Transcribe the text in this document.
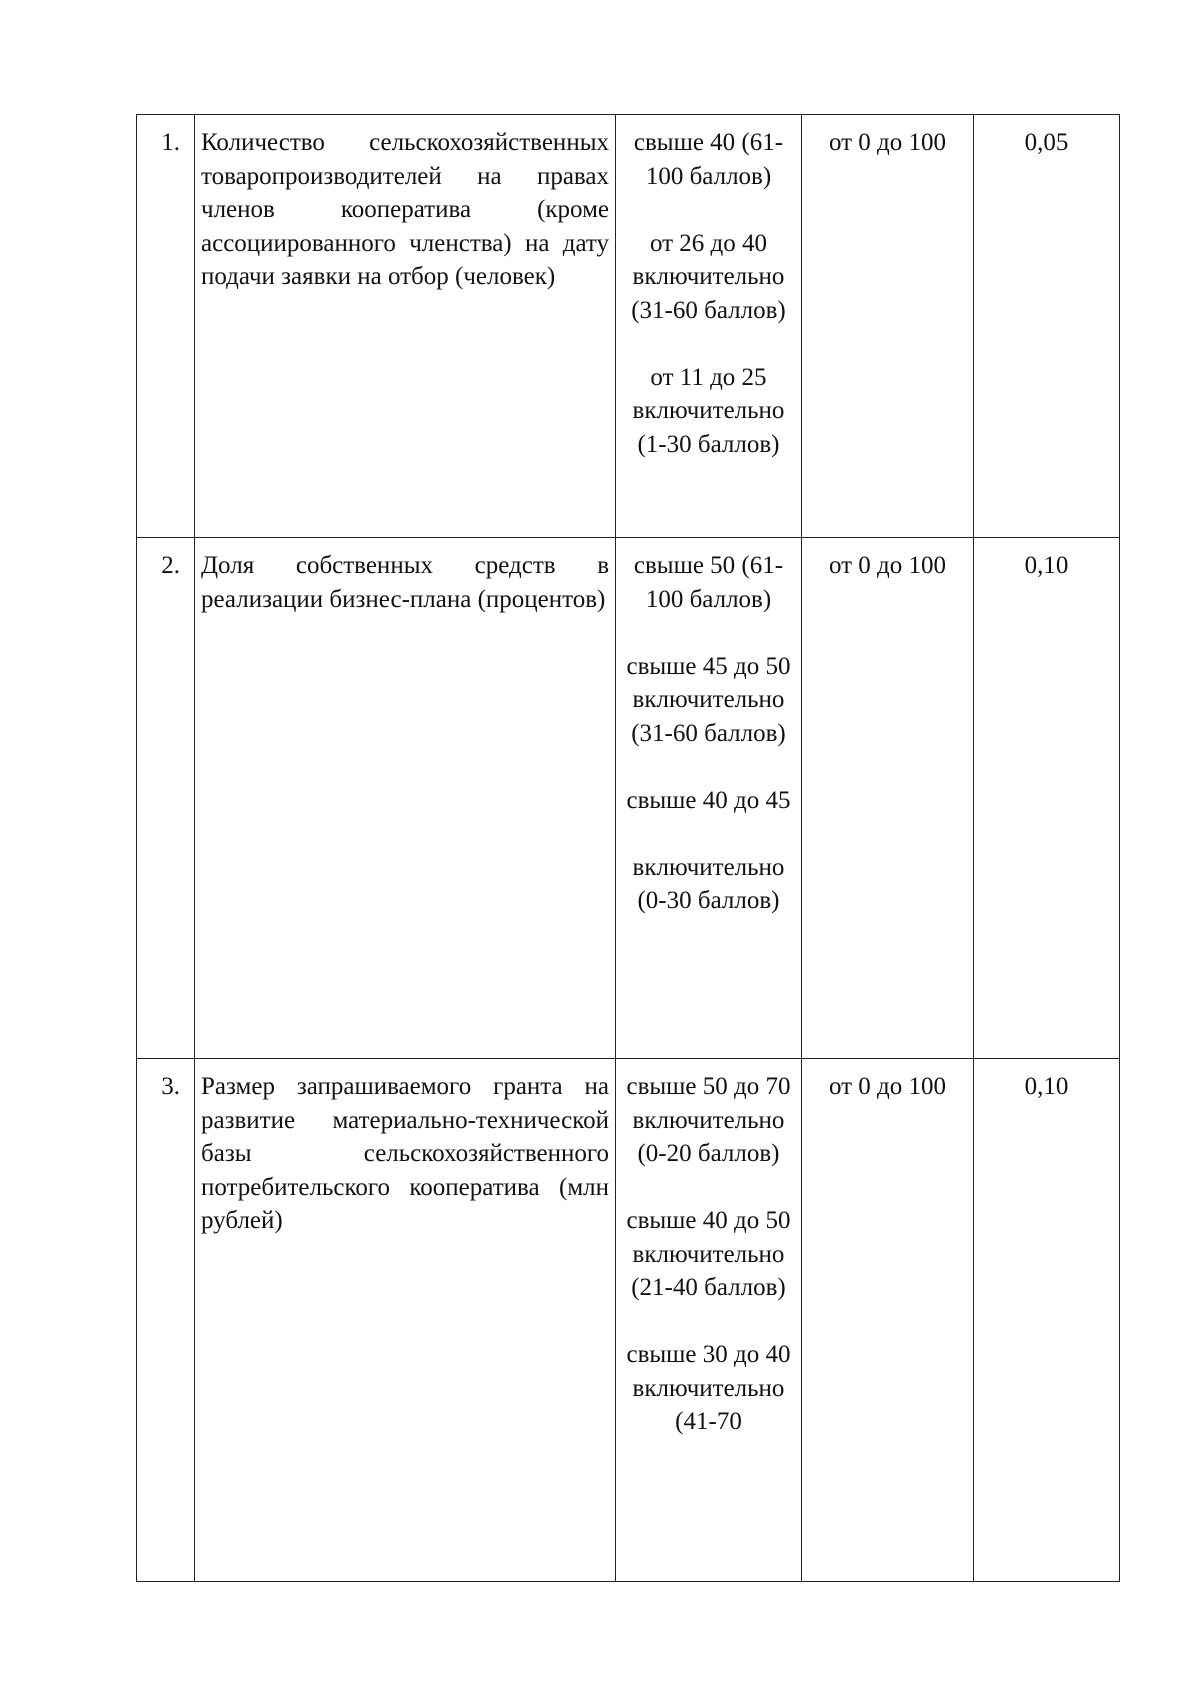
1.	Количество сельскохозяйственных товаропроизводителей на правах членов кооператива (кроме ассоциированного членства) на дату подачи заявки на отбор (человек)	свыше 40 (61-100 баллов)
от 26 до 40 включительно (31-60 баллов)
от 11 до 25 включительно (1-30 баллов)	от 0 до 100	0,05
2.	Доля собственных средств в реализации бизнес-плана (процентов)	свыше 50 (61-100 баллов)
свыше 45 до 50 включительно (31-60 баллов)
свыше 40 до 45
включительно (0-30 баллов)	от 0 до 100	0,10
3.	Размер запрашиваемого гранта на развитие материально-технической базы сельскохозяйственного потребительского кооператива (млн рублей)	свыше 50 до 70 включительно (0-20 баллов)
свыше 40 до 50 включительно (21-40 баллов)
свыше 30 до 40 включительно (41-70	от 0 до 100	0,10
